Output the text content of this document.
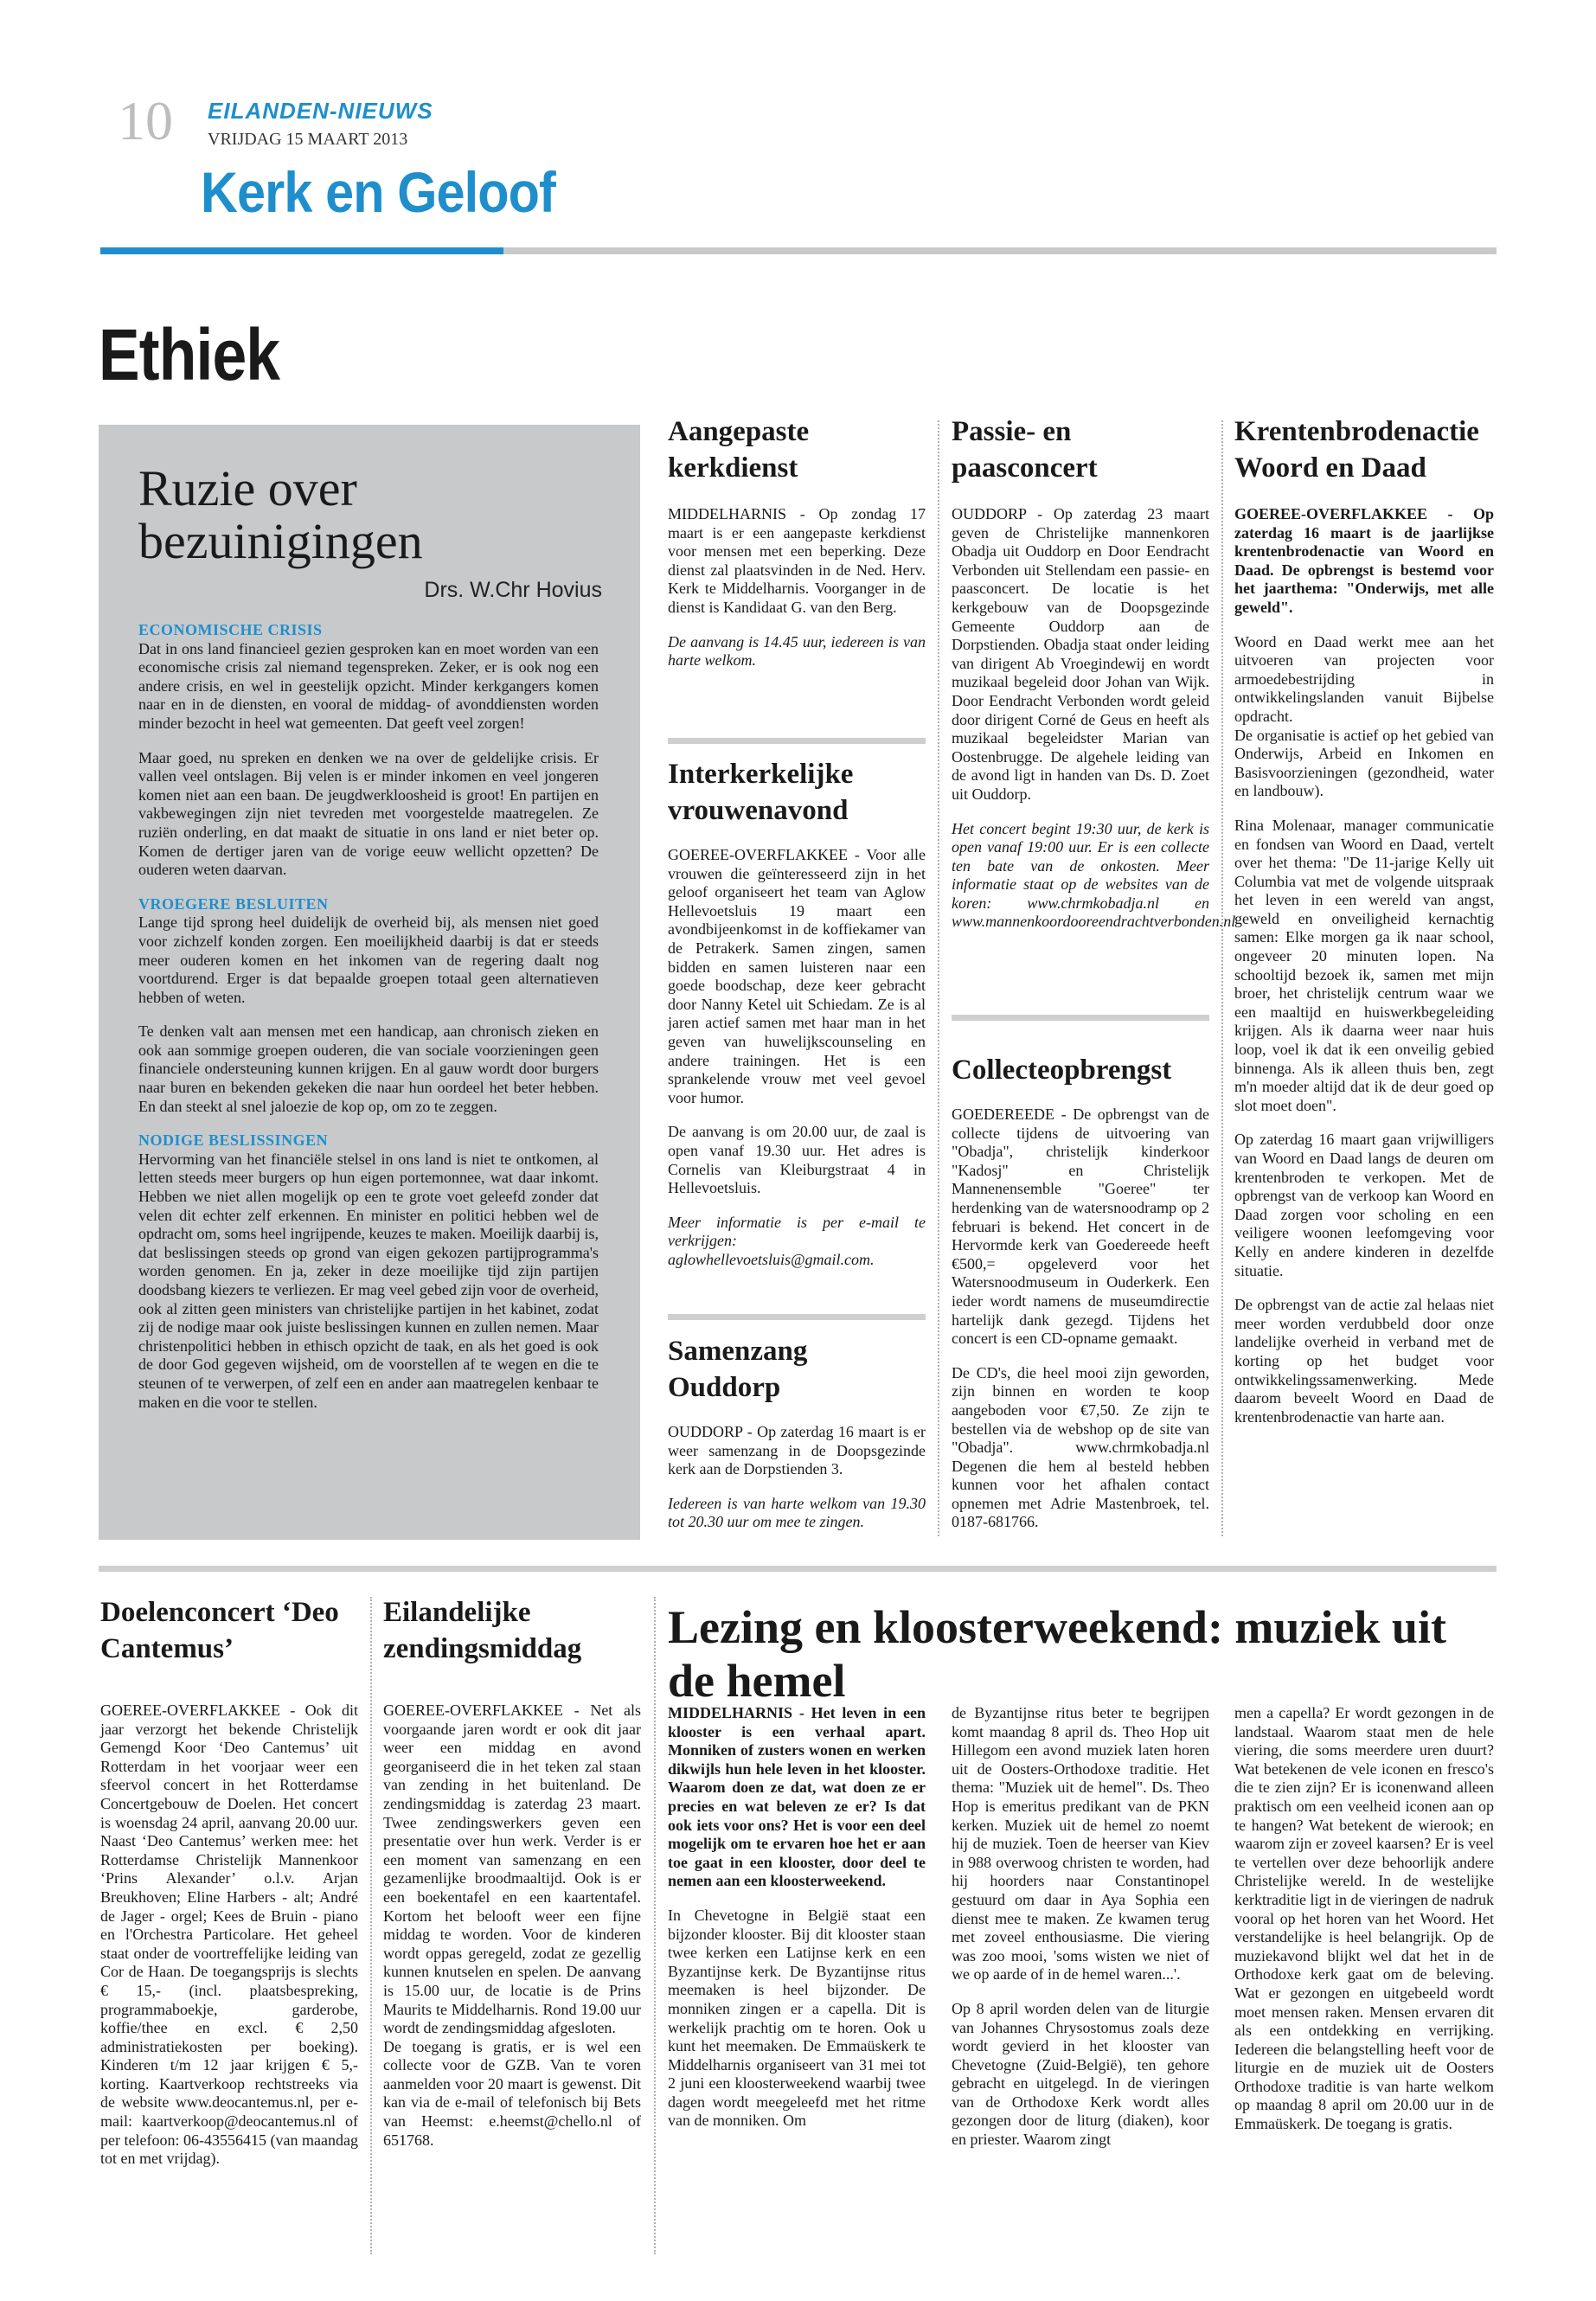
10 EILANDEN-NIEUWS
VRIJDAG 15 MAART 2013
Kerk en Geloof
Ethiek
Ruzie over bezuinigingen
Drs. W.Chr Hovius
ECONOMISCHE CRISIS

Dat in ons land financieel gezien gesproken kan en moet worden van een economische crisis zal niemand tegenspreken. Zeker, er is ook nog een andere crisis, en wel in geestelijk opzicht. Minder kerkgangers komen naar en in de diensten, en vooral de middag- of avonddiensten worden minder bezocht in heel wat gemeenten. Dat geeft veel zorgen!

Maar goed, nu spreken en denken we na over de geldelijke crisis. Er vallen veel ontslagen. Bij velen is er minder inkomen en veel jongeren komen niet aan een baan. De jeugdwerkloosheid is groot! En partijen en vakbewegingen zijn niet tevreden met voorgestelde maatregelen. Ze ruziën onderling, en dat maakt de situatie in ons land er niet beter op. Komen de dertiger jaren van de vorige eeuw wellicht opzetten? De ouderen weten daarvan.

VROEGERE BESLUITEN

Lange tijd sprong heel duidelijk de overheid bij, als mensen niet goed voor zichzelf konden zorgen. Een moeilijkheid daarbij is dat er steeds meer ouderen komen en het inkomen van de regering daalt nog voortdurend. Erger is dat bepaalde groepen totaal geen alternatieven hebben of weten.

Te denken valt aan mensen met een handicap, aan chronisch zieken en ook aan sommige groepen ouderen, die van sociale voorzieningen geen financiele ondersteuning kunnen krijgen. En al gauw wordt door burgers naar buren en bekenden gekeken die naar hun oordeel het beter hebben. En dan steekt al snel jaloezie de kop op, om zo te zeggen.

NODIGE BESLISSINGEN

Hervorming van het financiële stelsel in ons land is niet te ontkomen, al letten steeds meer burgers op hun eigen portemonnee, wat daar inkomt. Hebben we niet allen mogelijk op een te grote voet geleefd zonder dat velen dit echter zelf erkennen. En minister en politici hebben wel de opdracht om, soms heel ingrijpende, keuzes te maken. Moeilijk daarbij is, dat beslissingen steeds op grond van eigen gekozen partijprogramma's worden genomen. En ja, zeker in deze moeilijke tijd zijn partijen doodsbang kiezers te verliezen. Er mag veel gebed zijn voor de overheid, ook al zitten geen ministers van christelijke partijen in het kabinet, zodat zij de nodige maar ook juiste beslissingen kunnen en zullen nemen. Maar christenpolitici hebben in ethisch opzicht de taak, en als het goed is ook de door God gegeven wijsheid, om de voorstellen af te wegen en die te steunen of te verwerpen, of zelf een en ander aan maatregelen kenbaar te maken en die voor te stellen.

Aangepaste kerkdienst

MIDDELHARNIS - Op zondag 17 maart is er een aangepaste kerkdienst voor mensen met een beperking. Deze dienst zal plaatsvinden in de Ned. Herv. Kerk te Middelharnis. Voorganger in de dienst is Kandidaat G. van den Berg.

De aanvang is 14.45 uur, iedereen is van harte welkom.

Interkerkelijke vrouwenavond

GOEREE-OVERFLAKKEE - Voor alle vrouwen die geïnteresseerd zijn in het geloof organiseert het team van Aglow Hellevoetsluis 19 maart een avondbijeenkomst in de koffiekamer van de Petrakerk. Samen zingen, samen bidden en samen luisteren naar een goede boodschap, deze keer gebracht door Nanny Ketel uit Schiedam. Ze is al jaren actief samen met haar man in het geven van huwelijkscounseling en andere trainingen. Het is een sprankelende vrouw met veel gevoel voor humor.

De aanvang is om 20.00 uur, de zaal is open vanaf 19.30 uur. Het adres is Cornelis van Kleiburgstraat 4 in Hellevoetsluis.

Meer informatie is per e-mail te verkrijgen: aglowhellevoetsluis@gmail.com.

Samenzang Ouddorp

OUDDORP - Op zaterdag 16 maart is er weer samenzang in de Doopsgezinde kerk aan de Dorpstienden 3.

Iedereen is van harte welkom van 19.30 tot 20.30 uur om mee te zingen.

Passie- en paasconcert

OUDDORP - Op zaterdag 23 maart geven de Christelijke mannenkoren Obadja uit Ouddorp en Door Eendracht Verbonden uit Stellendam een passie- en paasconcert. De locatie is het kerkgebouw van de Doopsgezinde Gemeente Ouddorp aan de Dorpstienden. Obadja staat onder leiding van dirigent Ab Vroegindewij en wordt muzikaal begeleid door Johan van Wijk. Door Eendracht Verbonden wordt geleid door dirigent Corné de Geus en heeft als muzikaal begeleidster Marian van Oostenbrugge. De algehele leiding van de avond ligt in handen van Ds. D. Zoet uit Ouddorp.

Het concert begint 19:30 uur, de kerk is open vanaf 19:00 uur. Er is een collecte ten bate van de onkosten. Meer informatie staat op de websites van de koren: www.chrmkobadja.nl en www.mannenkoordooreendrachtverbonden.nl

Collecteopbrengst

GOEDEREEDE - De opbrengst van de collecte tijdens de uitvoering van "Obadja", christelijk kinderkoor "Kadosj" en Christelijk Mannenensemble "Goeree" ter herdenking van de watersnoodramp op 2 februari is bekend. Het concert in de Hervormde kerk van Goedereede heeft €500,= opgeleverd voor het Watersnoodmuseum in Ouderkerk. Een ieder wordt namens de museumdirectie hartelijk dank gezegd. Tijdens het concert is een CD-opname gemaakt.

De CD's, die heel mooi zijn geworden, zijn binnen en worden te koop aangeboden voor €7,50. Ze zijn te bestellen via de webshop op de site van "Obadja". www.chrmkobadja.nl Degenen die hem al besteld hebben kunnen voor het afhalen contact opnemen met Adrie Mastenbroek, tel. 0187-681766.

Krentenbrodenactie Woord en Daad

GOEREE-OVERFLAKKEE - Op zaterdag 16 maart is de jaarlijkse krentenbrodenactie van Woord en Daad. De opbrengst is bestemd voor het jaarthema: "Onderwijs, met alle geweld".

Woord en Daad werkt mee aan het uitvoeren van projecten voor armoedebestrijding in ontwikkelingslanden vanuit Bijbelse opdracht.

De organisatie is actief op het gebied van Onderwijs, Arbeid en Inkomen en Basisvoorzieningen (gezondheid, water en landbouw).

Rina Molenaar, manager communicatie en fondsen van Woord en Daad, vertelt over het thema: "De 11-jarige Kelly uit Columbia vat met de volgende uitspraak het leven in een wereld van angst, geweld en onveiligheid kernachtig samen: Elke morgen ga ik naar school, ongeveer 20 minuten lopen. Na schooltijd bezoek ik, samen met mijn broer, het christelijk centrum waar we een maaltijd en huiswerkbegeleiding krijgen. Als ik daarna weer naar huis loop, voel ik dat ik een onveilig gebied binnenga. Als ik alleen thuis ben, zegt m'n moeder altijd dat ik de deur goed op slot moet doen".

Op zaterdag 16 maart gaan vrijwilligers van Woord en Daad langs de deuren om krentenbroden te verkopen. Met de opbrengst van de verkoop kan Woord en Daad zorgen voor scholing en een veiligere woonen leefomgeving voor Kelly en andere kinderen in dezelfde situatie.

De opbrengst van de actie zal helaas niet meer worden verdubbeld door onze landelijke overheid in verband met de korting op het budget voor ontwikkelingssamenwerking. Mede daarom beveelt Woord en Daad de krentenbrodenactie van harte aan.

Doelenconcert ‘Deo Cantemus’

GOEREE-OVERFLAKKEE - Ook dit jaar verzorgt het bekende Christelijk Gemengd Koor ‘Deo Cantemus’ uit Rotterdam in het voorjaar weer een sfeervol concert in het Rotterdamse Concertgebouw de Doelen. Het concert is woensdag 24 april, aanvang 20.00 uur. Naast ‘Deo Cantemus’ werken mee: het Rotterdamse Christelijk Mannenkoor ‘Prins Alexander’ o.l.v. Arjan Breukhoven; Eline Harbers - alt; André de Jager - orgel; Kees de Bruin - piano en l'Orchestra Particolare. Het geheel staat onder de voortreffelijke leiding van Cor de Haan. De toegangsprijs is slechts € 15,- (incl. plaatsbespreking, programmaboekje, garderobe, koffie/thee en excl. € 2,50 administratiekosten per boeking). Kinderen t/m 12 jaar krijgen € 5,- korting. Kaartverkoop rechtstreeks via de website www.deocantemus.nl, per e-mail: kaartverkoop@deocantemus.nl of per telefoon: 06-43556415 (van maandag tot en met vrijdag).

Eilandelijke zendingsmiddag

GOEREE-OVERFLAKKEE - Net als voorgaande jaren wordt er ook dit jaar weer een middag en avond georganiseerd die in het teken zal staan van zending in het buitenland. De zendingsmiddag is zaterdag 23 maart. Twee zendingswerkers geven een presentatie over hun werk. Verder is er een moment van samenzang en een gezamenlijke broodmaaltijd. Ook is er een boekentafel en een kaartentafel. Kortom het belooft weer een fijne middag te worden. Voor de kinderen wordt oppas geregeld, zodat ze gezellig kunnen knutselen en spelen. De aanvang is 15.00 uur, de locatie is de Prins Maurits te Middelharnis. Rond 19.00 uur wordt de zendingsmiddag afgesloten.

De toegang is gratis, er is wel een collecte voor de GZB. Van te voren aanmelden voor 20 maart is gewenst. Dit kan via de e-mail of telefonisch bij Bets van Heemst: e.heemst@chello.nl of 651768.

Lezing en kloosterweekend: muziek uit de hemel

MIDDELHARNIS - Het leven in een klooster is een verhaal apart. Monniken of zusters wonen en werken dikwijls hun hele leven in het klooster. Waarom doen ze dat, wat doen ze er precies en wat beleven ze er? Is dat ook iets voor ons? Het is voor een deel mogelijk om te ervaren hoe het er aan toe gaat in een klooster, door deel te nemen aan een kloosterweekend.

In Chevetogne in België staat een bijzonder klooster. Bij dit klooster staan twee kerken een Latijnse kerk en een Byzantijnse kerk. De Byzantijnse ritus meemaken is heel bijzonder. De monniken zingen er a capella. Dit is werkelijk prachtig om te horen. Ook u kunt het meemaken. De Emmaüskerk te Middelharnis organiseert van 31 mei tot 2 juni een kloosterweekend waarbij twee dagen wordt meegeleefd met het ritme van de monniken. Om

de Byzantijnse ritus beter te begrijpen komt maandag 8 april ds. Theo Hop uit Hillegom een avond muziek laten horen uit de Oosters-Orthodoxe traditie. Het thema: "Muziek uit de hemel". Ds. Theo Hop is emeritus predikant van de PKN kerken. Muziek uit de hemel zo noemt hij de muziek. Toen de heerser van Kiev in 988 overwoog christen te worden, had hij hoorders naar Constantinopel gestuurd om daar in Aya Sophia een dienst mee te maken. Ze kwamen terug met zoveel enthousiasme. Die viering was zoo mooi, 'soms wisten we niet of we op aarde of in de hemel waren...'.

Op 8 april worden delen van de liturgie van Johannes Chrysostomus zoals deze wordt gevierd in het klooster van Chevetogne (Zuid-België), ten gehore gebracht en uitgelegd. In de vieringen van de Orthodoxe Kerk wordt alles gezongen door de liturg (diaken), koor en priester. Waarom zingt

men a capella? Er wordt gezongen in de landstaal. Waarom staat men de hele viering, die soms meerdere uren duurt? Wat betekenen de vele iconen en fresco's die te zien zijn? Er is iconenwand alleen praktisch om een veelheid iconen aan op te hangen? Wat betekent de wierook; en waarom zijn er zoveel kaarsen? Er is veel te vertellen over deze behoorlijk andere Christelijke wereld. In de westelijke kerktraditie ligt in de vieringen de nadruk vooral op het horen van het Woord. Het verstandelijke is heel belangrijk. Op de muziekavond blijkt wel dat het in de Orthodoxe kerk gaat om de beleving. Wat er gezongen en uitgebeeld wordt moet mensen raken. Mensen ervaren dit als een ontdekking en verrijking. Iedereen die belangstelling heeft voor de liturgie en de muziek uit de Oosters Orthodoxe traditie is van harte welkom op maandag 8 april om 20.00 uur in de Emmaüskerk. De toegang is gratis.
